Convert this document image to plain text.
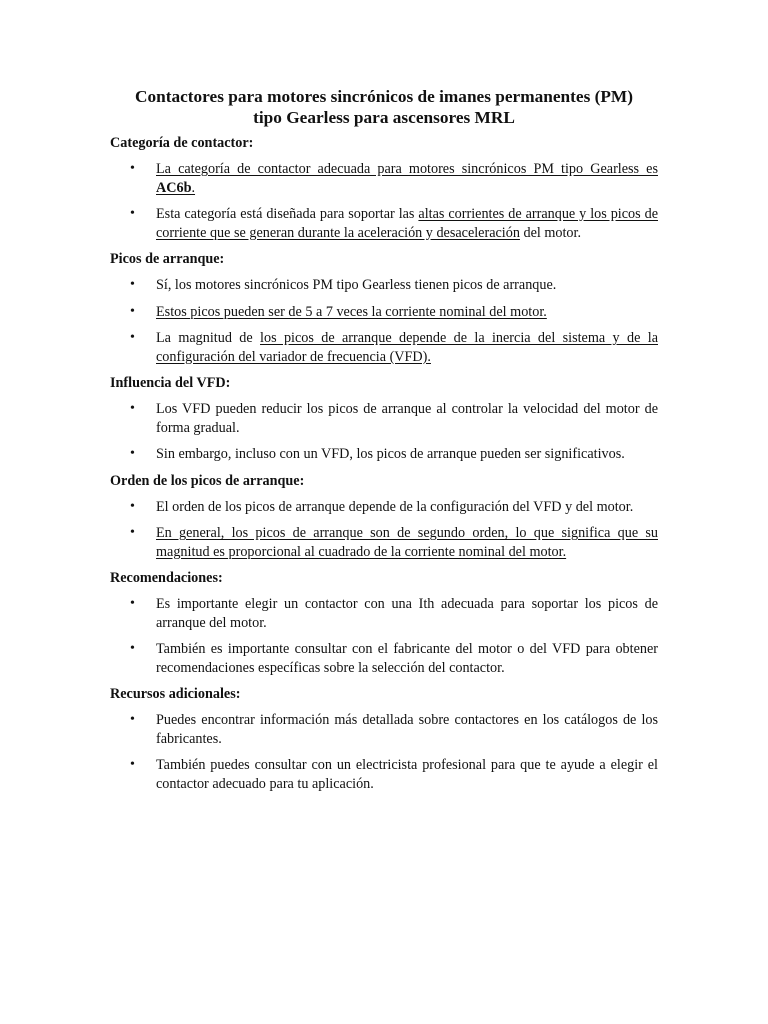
Contactores para motores sincrónicos de imanes permanentes (PM)
tipo Gearless para ascensores MRL
Categoría de contactor:
• La categoría de contactor adecuada para motores sincrónicos PM tipo Gearless es AC6b.
• Esta categoría está diseñada para soportar las altas corrientes de arranque y los picos de corriente que se generan durante la aceleración y desaceleración del motor.
Picos de arranque:
• Sí, los motores sincrónicos PM tipo Gearless tienen picos de arranque.
• Estos picos pueden ser de 5 a 7 veces la corriente nominal del motor.
• La magnitud de los picos de arranque depende de la inercia del sistema y de la configuración del variador de frecuencia (VFD).
Influencia del VFD:
• Los VFD pueden reducir los picos de arranque al controlar la velocidad del motor de forma gradual.
• Sin embargo, incluso con un VFD, los picos de arranque pueden ser significativos.
Orden de los picos de arranque:
• El orden de los picos de arranque depende de la configuración del VFD y del motor.
• En general, los picos de arranque son de segundo orden, lo que significa que su magnitud es proporcional al cuadrado de la corriente nominal del motor.
Recomendaciones:
• Es importante elegir un contactor con una Ith adecuada para soportar los picos de arranque del motor.
• También es importante consultar con el fabricante del motor o del VFD para obtener recomendaciones específicas sobre la selección del contactor.
Recursos adicionales:
• Puedes encontrar información más detallada sobre contactores en los catálogos de los fabricantes.
• También puedes consultar con un electricista profesional para que te ayude a elegir el contactor adecuado para tu aplicación.
